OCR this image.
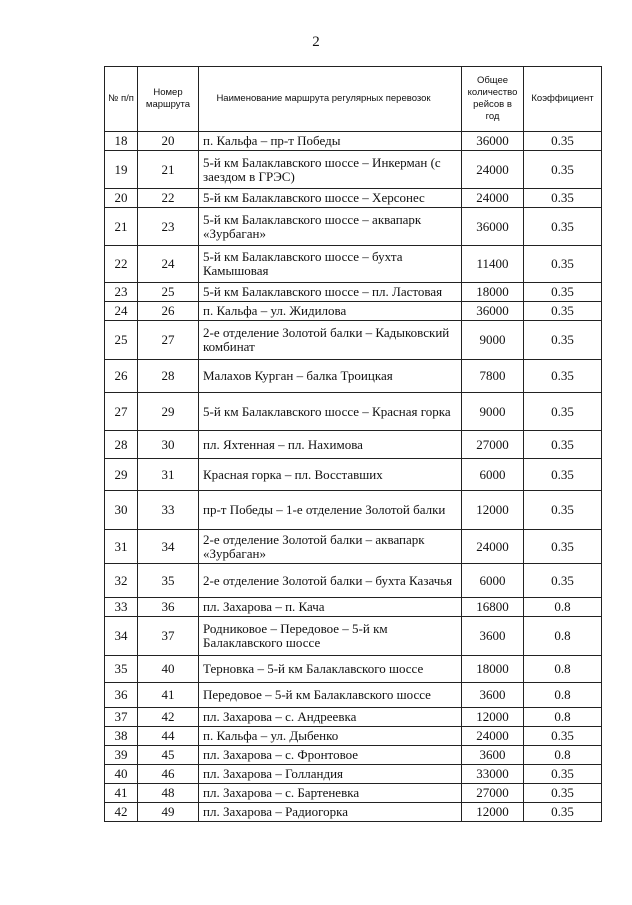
2
№ п/п	Номер маршрута	Наименование маршрута регулярных перевозок	Общее количество рейсов в год	Коэффициент
18	20	п. Кальфа – пр-т Победы	36000	0.35
19	21	5-й км Балаклавского шоссе – Инкерман (с заездом в ГРЭС)	24000	0.35
20	22	5-й км Балаклавского шоссе – Херсонес	24000	0.35
21	23	5-й км Балаклавского шоссе – аквапарк «Зурбаган»	36000	0.35
22	24	5-й км Балаклавского шоссе – бухта Камышовая	11400	0.35
23	25	5-й км Балаклавского шоссе – пл. Ластовая	18000	0.35
24	26	п. Кальфа – ул. Жидилова	36000	0.35
25	27	2-е отделение Золотой балки – Кадыковский комбинат	9000	0.35
26	28	Малахов Курган – балка Троицкая	7800	0.35
27	29	5-й км Балаклавского шоссе – Красная горка	9000	0.35
28	30	пл. Яхтенная – пл. Нахимова	27000	0.35
29	31	Красная горка – пл. Восставших	6000	0.35
30	33	пр-т Победы – 1-е отделение Золотой балки	12000	0.35
31	34	2-е отделение Золотой балки – аквапарк «Зурбаган»	24000	0.35
32	35	2-е отделение Золотой балки – бухта Казачья	6000	0.35
33	36	пл. Захарова – п. Кача	16800	0.8
34	37	Родниковое – Передовое – 5-й км Балаклавского шоссе	3600	0.8
35	40	Терновка – 5-й км Балаклавского шоссе	18000	0.8
36	41	Передовое – 5-й км Балаклавского шоссе	3600	0.8
37	42	пл. Захарова – с. Андреевка	12000	0.8
38	44	п. Кальфа – ул. Дыбенко	24000	0.35
39	45	пл. Захарова – с. Фронтовое	3600	0.8
40	46	пл. Захарова – Голландия	33000	0.35
41	48	пл. Захарова – с. Бартеневка	27000	0.35
42	49	пл. Захарова – Радиогорка	12000	0.35
